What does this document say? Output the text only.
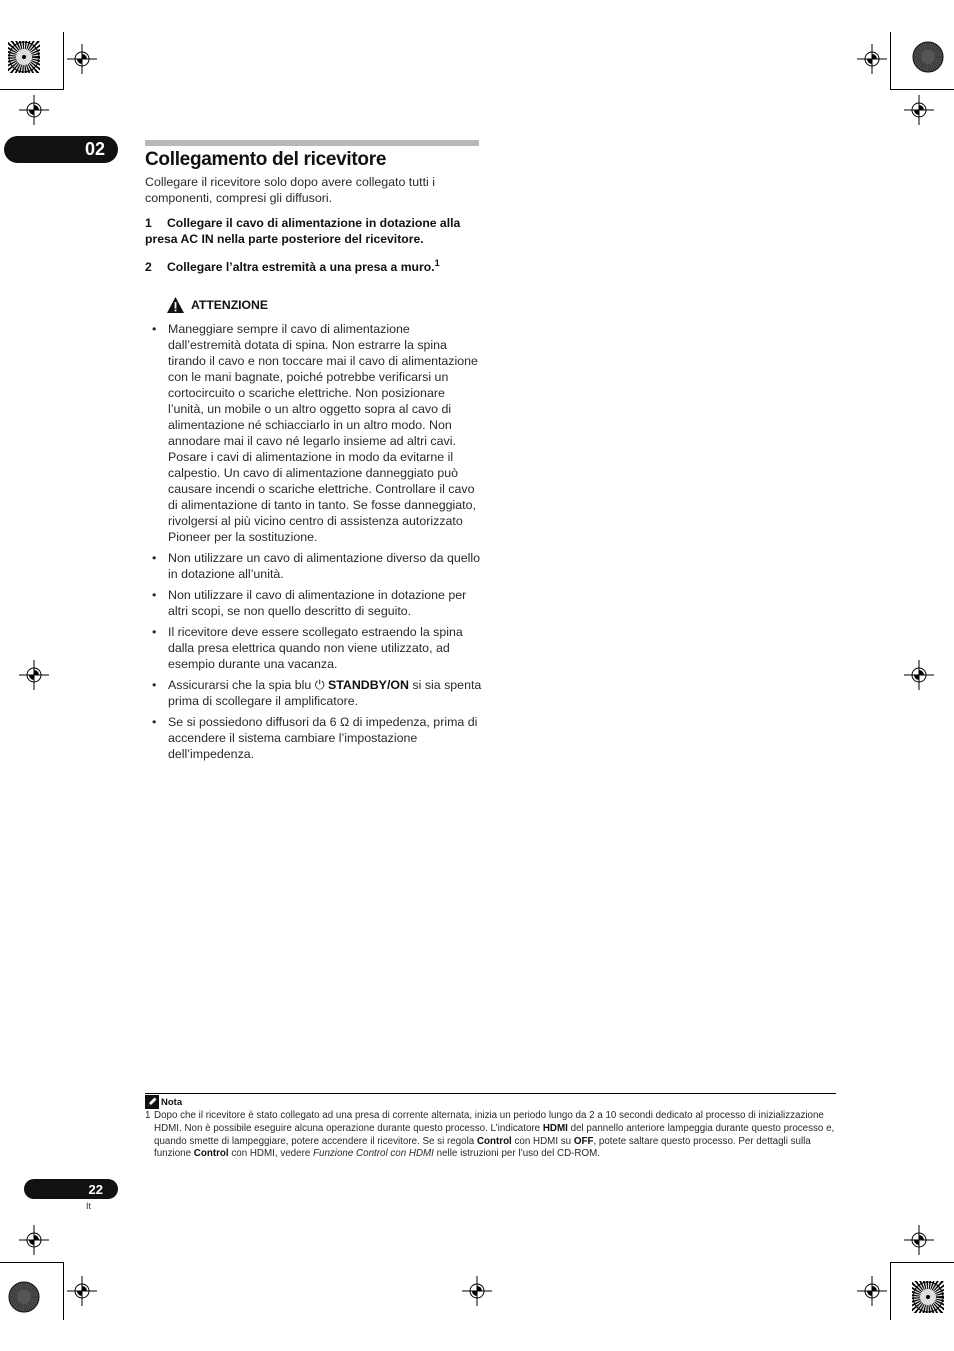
02 Collegamento del ricevitore
Collegare il ricevitore solo dopo avere collegato tutti i componenti, compresi gli diffusori.
1 Collegare il cavo di alimentazione in dotazione alla presa AC IN nella parte posteriore del ricevitore.
2 Collegare l’altra estremità a una presa a muro.$^1$
ATTENZIONE
• Maneggiare sempre il cavo di alimentazione dall’estremità dotata di spina. Non estrarre la spina tirando il cavo e non toccare mai il cavo di alimentazione con le mani bagnate, poiché potrebbe verificarsi un cortocircuito o scariche elettriche. Non posizionare l’unità, un mobile o un altro oggetto sopra al cavo di alimentazione né schiacciarlo in un altro modo. Non annodare mai il cavo né legarlo insieme ad altri cavi. Posare i cavi di alimentazione in modo da evitarne il calpestio. Un cavo di alimentazione danneggiato può causare incendi o scariche elettriche. Controllare il cavo di alimentazione di tanto in tanto. Se fosse danneggiato, rivolgersi al più vicino centro di assistenza autorizzato Pioneer per la sostituzione.
• Non utilizzare un cavo di alimentazione diverso da quello in dotazione all’unità.
• Non utilizzare il cavo di alimentazione in dotazione per altri scopi, se non quello descritto di seguito.
• Il ricevitore deve essere scollegato estraendo la spina dalla presa elettrica quando non viene utilizzato, ad esempio durante una vacanza.
• Assicurarsi che la spia blu ⏻ STANDBY/ON si sia spenta prima di scollegare il amplificatore.
• Se si possiedono diffusori da 6 Ω di impedenza, prima di accendere il sistema cambiare l’impostazione dell’impedenza.
Nota
1 Dopo che il ricevitore è stato collegato ad una presa di corrente alternata, inizia un periodo lungo da 2 a 10 secondi dedicato al processo di inizializzazione HDMI. Non è possibile eseguire alcuna operazione durante questo processo. L’indicatore HDMI del pannello anteriore lampeggia durante questo processo e, quando smette di lampeggiare, potere accendere il ricevitore. Se si regola Control con HDMI su OFF, potete saltare questo processo. Per dettagli sulla funzione Control con HDMI, vedere Funzione Control con HDMI nelle istruzioni per l’uso del CD-ROM.
22
It
